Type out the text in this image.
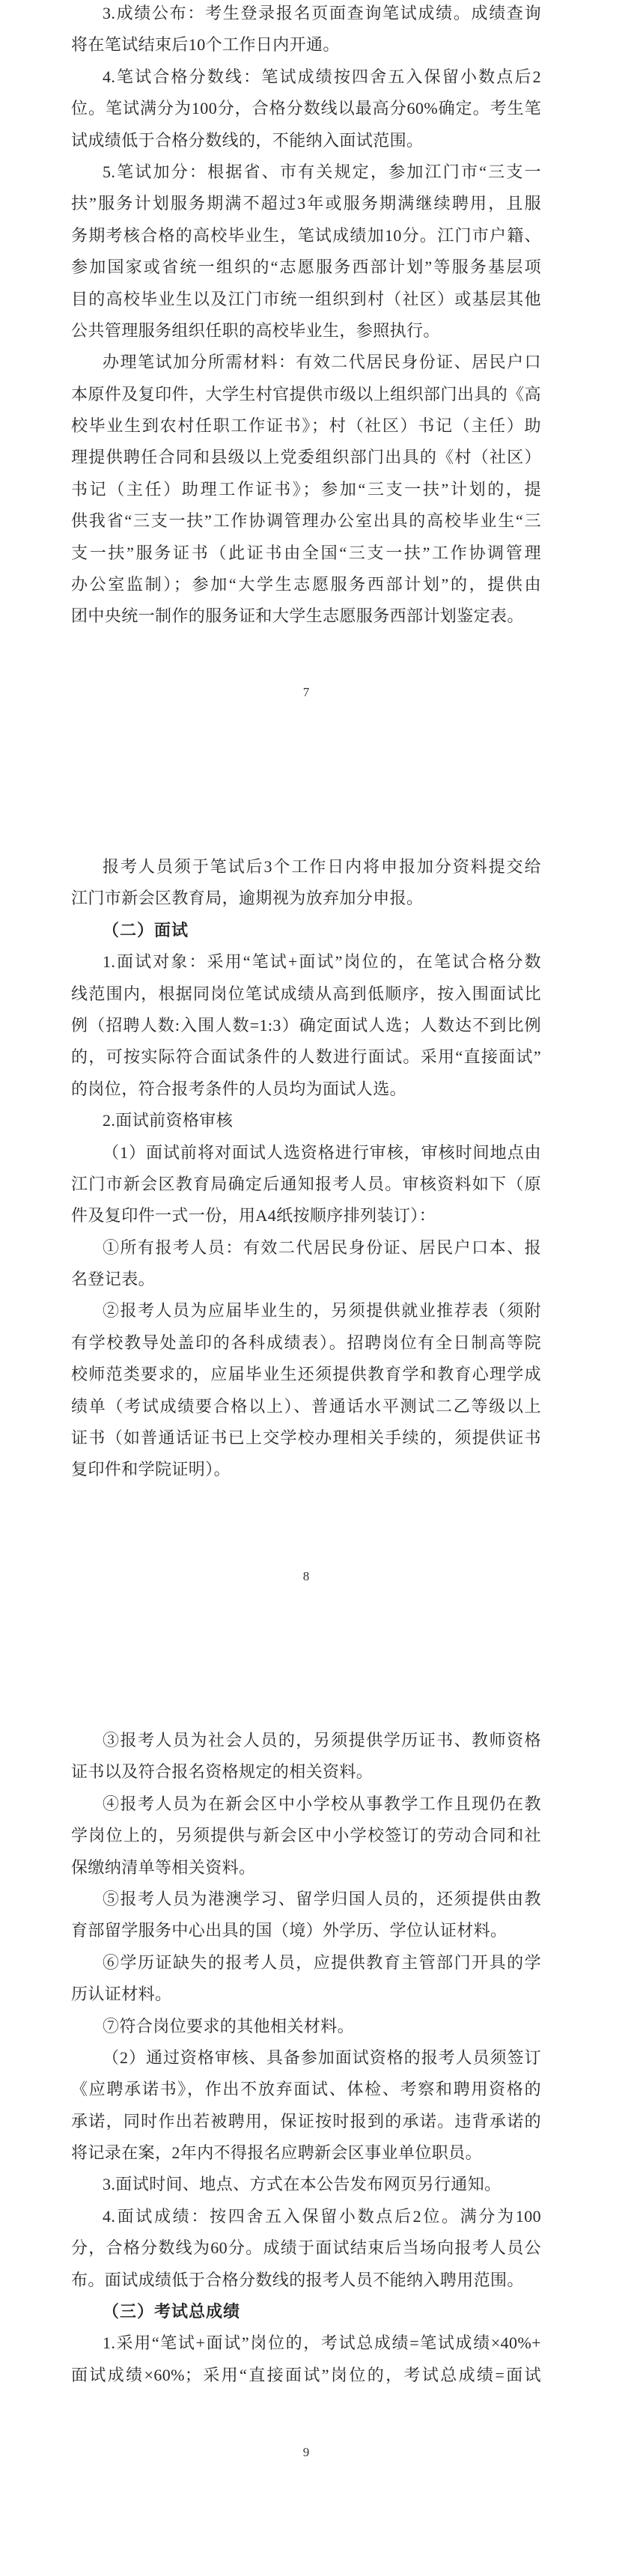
3.成绩公布：考生登录报名页面查询笔试成绩。成绩查询
将在笔试结束后10个工作日内开通。
4.笔试合格分数线：笔试成绩按四舍五入保留小数点后2
位。笔试满分为100分，合格分数线以最高分60%确定。考生笔
试成绩低于合格分数线的，不能纳入面试范围。
5.笔试加分：根据省、市有关规定，参加江门市“三支一
扶”服务计划服务期满不超过3年或服务期满继续聘用，且服
务期考核合格的高校毕业生，笔试成绩加10分。江门市户籍、
参加国家或省统一组织的“志愿服务西部计划”等服务基层项
目的高校毕业生以及江门市统一组织到村（社区）或基层其他
公共管理服务组织任职的高校毕业生，参照执行。
办理笔试加分所需材料：有效二代居民身份证、居民户口
本原件及复印件，大学生村官提供市级以上组织部门出具的《高
校毕业生到农村任职工作证书》；村（社区）书记（主任）助
理提供聘任合同和县级以上党委组织部门出具的《村（社区）
书记（主任）助理工作证书》；参加“三支一扶”计划的，提
供我省“三支一扶”工作协调管理办公室出具的高校毕业生“三
支一扶”服务证书（此证书由全国“三支一扶”工作协调管理
办公室监制）；参加“大学生志愿服务西部计划”的，提供由
团中央统一制作的服务证和大学生志愿服务西部计划鉴定表。
7
报考人员须于笔试后3个工作日内将申报加分资料提交给
江门市新会区教育局，逾期视为放弃加分申报。
（二）面试
1.面试对象：采用“笔试+面试”岗位的，在笔试合格分数
线范围内，根据同岗位笔试成绩从高到低顺序，按入围面试比
例（招聘人数:入围人数=1:3）确定面试人选；人数达不到比例
的，可按实际符合面试条件的人数进行面试。采用“直接面试”
的岗位，符合报考条件的人员均为面试人选。
2.面试前资格审核
（1）面试前将对面试人选资格进行审核，审核时间地点由
江门市新会区教育局确定后通知报考人员。审核资料如下（原
件及复印件一式一份，用A4纸按顺序排列装订）：
①所有报考人员：有效二代居民身份证、居民户口本、报
名登记表。
②报考人员为应届毕业生的，另须提供就业推荐表（须附
有学校教导处盖印的各科成绩表）。招聘岗位有全日制高等院
校师范类要求的，应届毕业生还须提供教育学和教育心理学成
绩单（考试成绩要合格以上）、普通话水平测试二乙等级以上
证书（如普通话证书已上交学校办理相关手续的，须提供证书
复印件和学院证明）。
8
③报考人员为社会人员的，另须提供学历证书、教师资格
证书以及符合报名资格规定的相关资料。
④报考人员为在新会区中小学校从事教学工作且现仍在教
学岗位上的，另须提供与新会区中小学校签订的劳动合同和社
保缴纳清单等相关资料。
⑤报考人员为港澳学习、留学归国人员的，还须提供由教
育部留学服务中心出具的国（境）外学历、学位认证材料。
⑥学历证缺失的报考人员，应提供教育主管部门开具的学
历认证材料。
⑦符合岗位要求的其他相关材料。
（2）通过资格审核、具备参加面试资格的报考人员须签订
《应聘承诺书》，作出不放弃面试、体检、考察和聘用资格的
承诺，同时作出若被聘用，保证按时报到的承诺。违背承诺的
将记录在案，2年内不得报名应聘新会区事业单位职员。
3.面试时间、地点、方式在本公告发布网页另行通知。
4.面试成绩：按四舍五入保留小数点后2位。满分为100
分，合格分数线为60分。成绩于面试结束后当场向报考人员公
布。面试成绩低于合格分数线的报考人员不能纳入聘用范围。
（三）考试总成绩
1.采用“笔试+面试”岗位的，考试总成绩=笔试成绩×40%+
面试成绩×60%；采用“直接面试”岗位的，考试总成绩=面试
9
